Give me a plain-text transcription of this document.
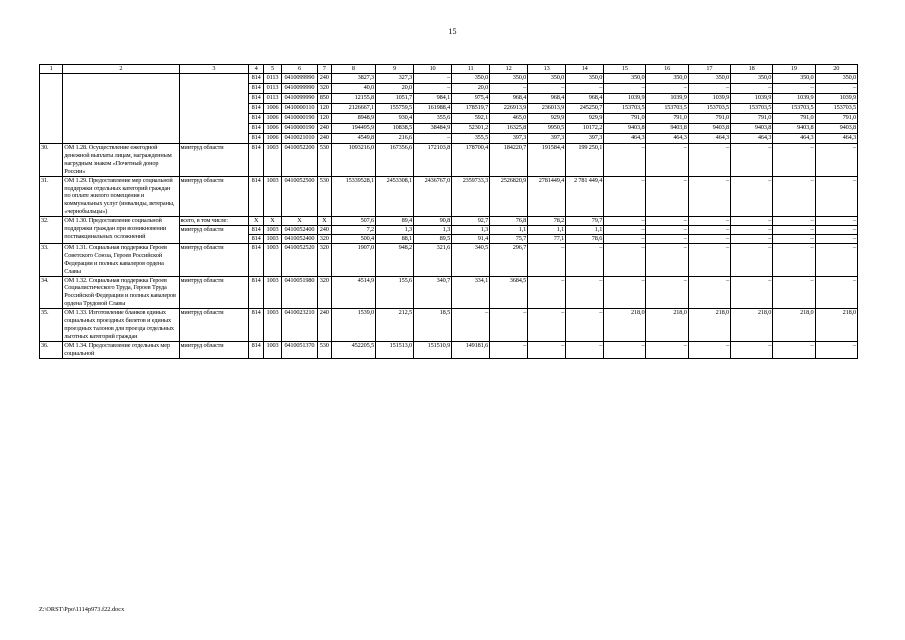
15
1	2	3	4	5	6	7	8	9	10	11	12	13	14	15	16	17	18	19	20
			814	0113	0410099990	240	3827,3	327,3	–	350,0	350,0	350,0	350,0	350,0	350,0	350,0	350,0	350,0	350,0
			814	0113	0410099990	320	40,0	20,0	–	20,0	–	–	–	–	–	–	–	–	–
			814	0113	0410099990	850	12155,8	1051,7	984,1	975,4	968,4	968,4	968,4	1039,9	1039,9	1039,9	1039,9	1039,9	1039,9
			814	1006	0410000110	120	2126667,1	155759,5	161988,4	178519,7	226913,9	236013,9	245250,7	153703,5	153703,5	153703,5	153703,5	153703,5	153703,5
			814	1006	0410000190	120	8948,9	930,4	355,6	592,1	465,0	929,9	929,9	791,0	791,0	791,0	791,0	791,0	791,0
			814	1006	0410000190	240	194495,9	10838,5	38484,9	52301,2	16325,8	9950,5	10172,2	9403,8	9403,8	9403,8	9403,8	9403,8	9403,8
			814	1006	0410021010	240	4549,8	216,6	–	355,5	397,3	397,3	397,3	464,3	464,3	464,3	464,3	464,3	464,3
30.	ОМ 1.28. Осуществление ежегодной денежной выплаты лицам, награжденным нагрудным знаком «Почетный донор России»	минтруд области	814	1003	0410052200	530	1093216,0	167356,6	172103,8	178700,4	184220,7	191584,4	199 250,1	–	–	–	–	–	–
31.	ОМ 1.29. Предоставление мер социальной поддержки отдельных категорий граждан по оплате жилого помещения и коммунальных услуг (инвалиды, ветераны, «чернобыльцы»)	минтруд области	814	1003	0410052500	530	15339528,1	2453308,1	2436767,0	2359733,3	2526820,9	2781449,4	2 781 449,4	–	–	–	–	–	–
32.	ОМ 1.30. Предоставление социальной поддержки граждан при возникновении поствакцинальных осложнений	всего, в том числе:	X	X	X	X	507,6	89,4	90,8	92,7	76,8	78,2	79,7	–	–	–	–	–	–
		минтруд области	814	1003	0410052400	240	7,2	1,3	1,3	1,3	1,1	1,1	1,1	–	–	–	–	–	–
			814	1003	0410052400	320	500,4	88,1	89,5	91,4	75,7	77,1	78,6	–	–	–	–	–	–
33.	ОМ 1.31. Социальная поддержка Героев Советского Союза, Героев Российской Федерации и полных кавалеров ордена Славы	минтруд области	814	1003	0410052520	320	1907,0	948,2	321,6	340,5	296,7	–	–	–	–	–	–	–	–
34.	ОМ 1.32. Социальная поддержка Героев Социалистического Труда, Героев Труда Российской Федерации и полных кавалеров ордена Трудовой Славы	минтруд области	814	1003	0410051980	320	4514,9	155,6	340,7	334,1	3684,5	–	–	–	–	–	–	–	–
35.	ОМ 1.33. Изготовление бланков единых социальных проездных билетов и единых проездных талонов для проезда отдельных льготных категорий граждан	минтруд области	814	1003	0410023210	240	1539,0	212,5	18,5	–	–	–	–	218,0	218,0	218,0	218,0	218,0	218,0
36.	ОМ 1.34. Предоставление отдельных мер социальной	минтруд области	814	1003	0410051370	530	452205,5	151513,0	151510,9	149181,6	–	–	–	–	–	–	–	–	–
Z:\ORST\Ppo\1114p973.f22.docx
